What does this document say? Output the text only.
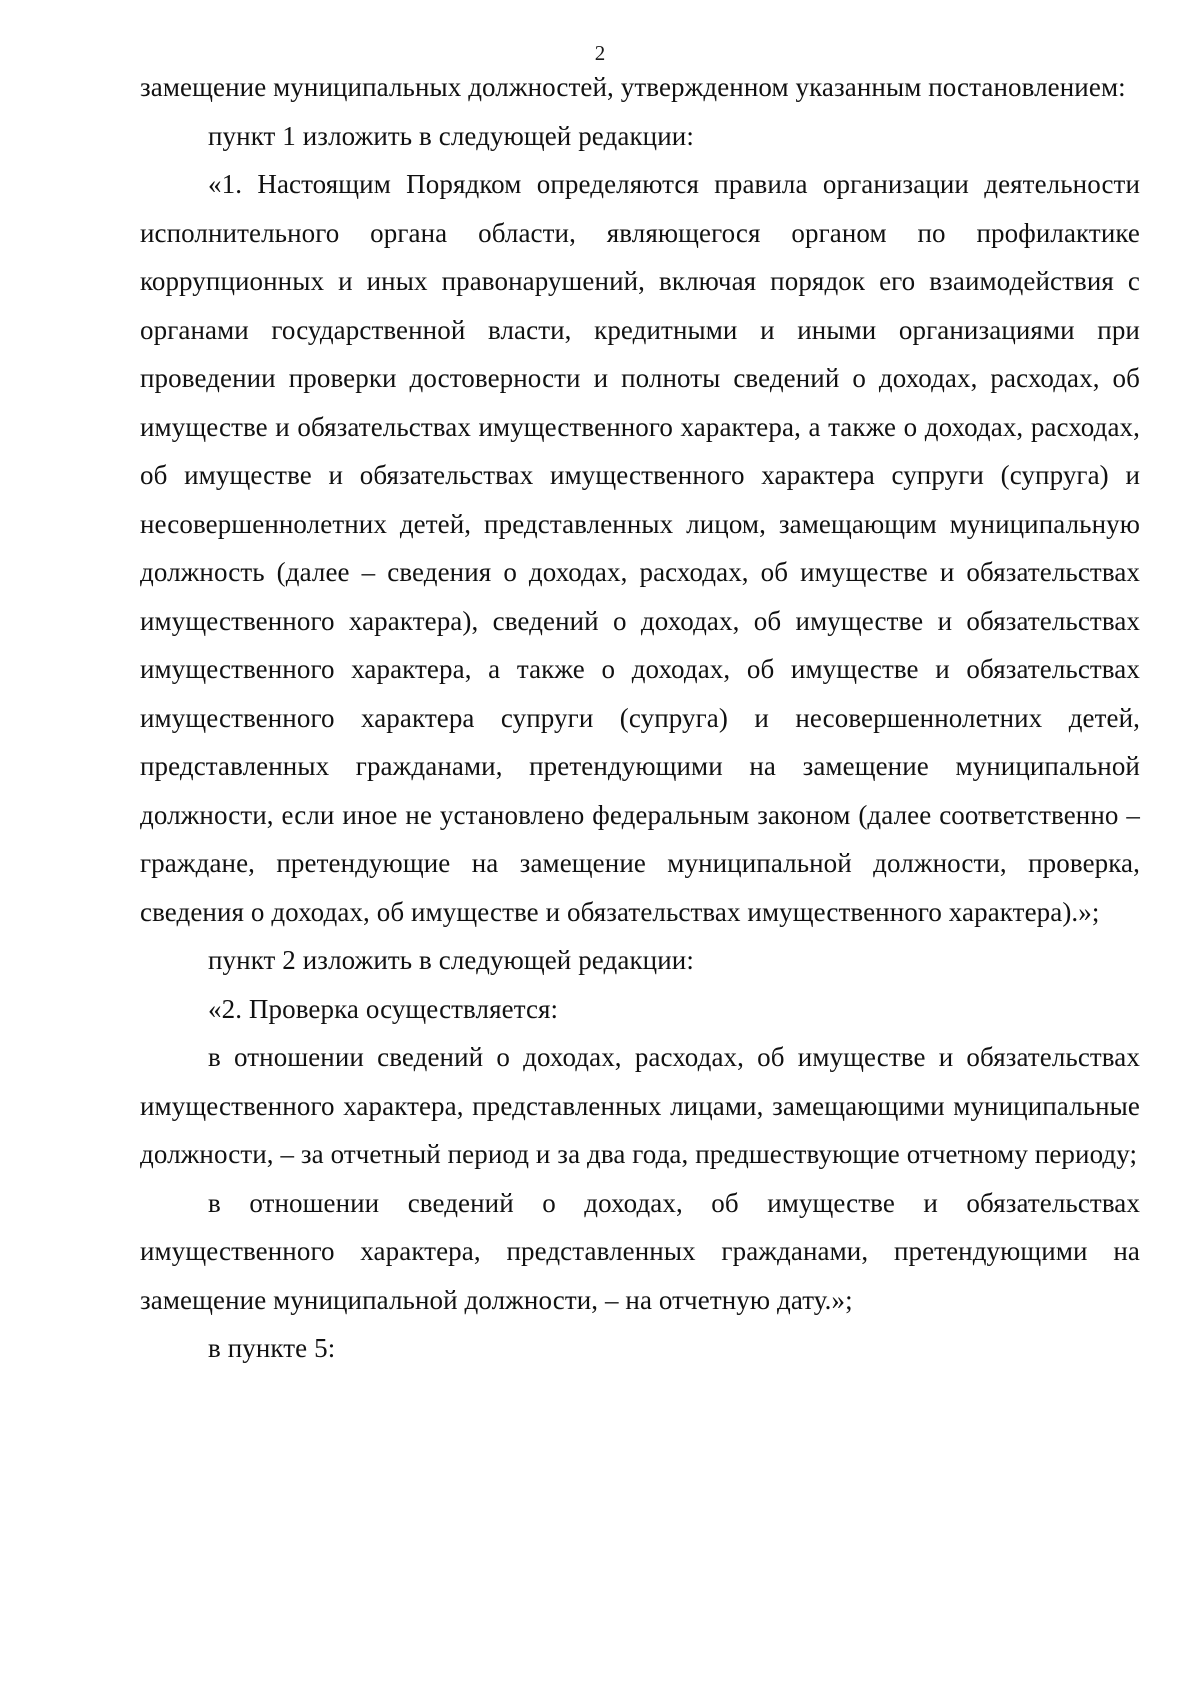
2

замещение муниципальных должностей, утвержденном указанным постановлением:

пункт 1 изложить в следующей редакции:

«1. Настоящим Порядком определяются правила организации деятельности исполнительного органа области, являющегося органом по профилактике коррупционных и иных правонарушений, включая порядок его взаимодействия с органами государственной власти, кредитными и иными организациями при проведении проверки достоверности и полноты сведений о доходах, расходах, об имуществе и обязательствах имущественного характера, а также о доходах, расходах, об имуществе и обязательствах имущественного характера супруги (супруга) и несовершеннолетних детей, представленных лицом, замещающим муниципальную должность (далее – сведения о доходах, расходах, об имуществе и обязательствах имущественного характера), сведений о доходах, об имуществе и обязательствах имущественного характера, а также о доходах, об имуществе и обязательствах имущественного характера супруги (супруга) и несовершеннолетних детей, представленных гражданами, претендующими на замещение муниципальной должности, если иное не установлено федеральным законом (далее соответственно – граждане, претендующие на замещение муниципальной должности, проверка, сведения о доходах, об имуществе и обязательствах имущественного характера).»;

пункт 2 изложить в следующей редакции:

«2. Проверка осуществляется:

в отношении сведений о доходах, расходах, об имуществе и обязательствах имущественного характера, представленных лицами, замещающими муниципальные должности, – за отчетный период и за два года, предшествующие отчетному периоду;

в отношении сведений о доходах, об имуществе и обязательствах имущественного характера, представленных гражданами, претендующими на замещение муниципальной должности, – на отчетную дату.»;

в пункте 5:
